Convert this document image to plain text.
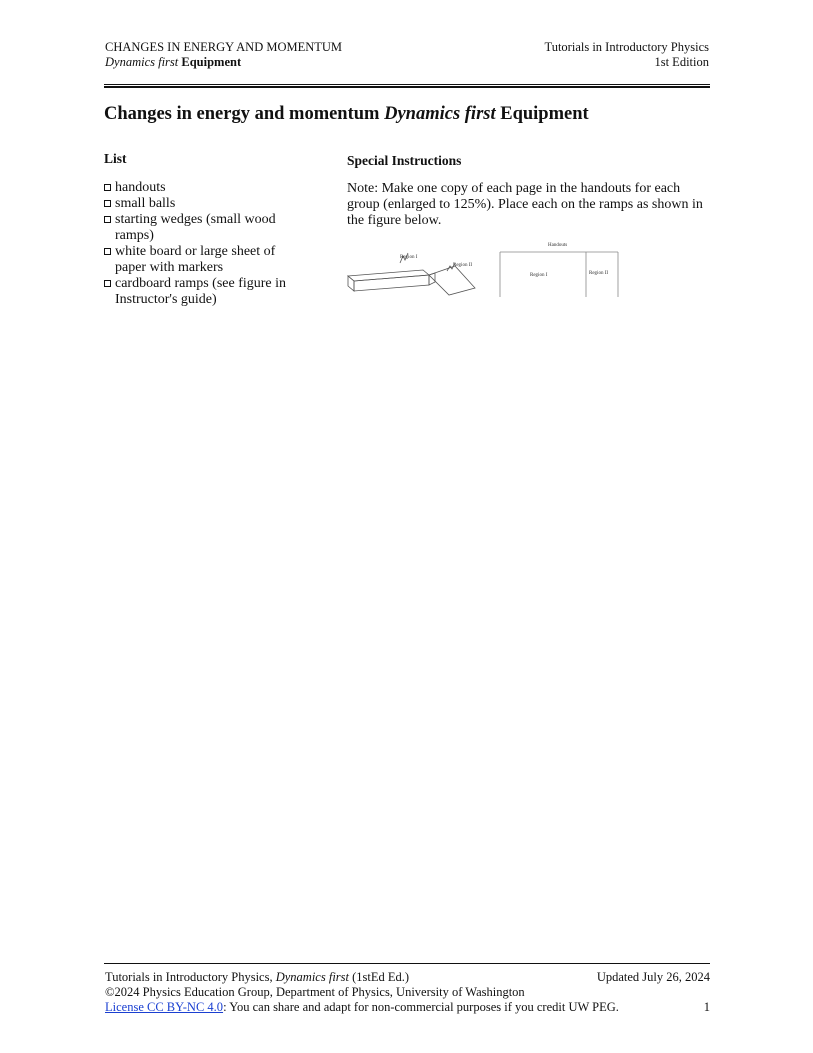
CHANGES IN ENERGY AND MOMENTUM
Dynamics first Equipment
Tutorials in Introductory Physics
1st Edition
Changes in energy and momentum Dynamics first Equipment
List
handouts
small balls
starting wedges (small wood ramps)
white board or large sheet of paper with markers
cardboard ramps (see figure in Instructor's guide)
Special Instructions

Note: Make one copy of each page in the handouts for each group (enlarged to 125%). Place each on the ramps as shown in the figure below.

Region I
Region II
Handouts
Region I	Region II
Tutorials in Introductory Physics, Dynamics first (1stEd Ed.)	Updated July 26, 2024
©2024 Physics Education Group, Department of Physics, University of Washington
License CC BY-NC 4.0: You can share and adapt for non-commercial purposes if you credit UW PEG.	1
